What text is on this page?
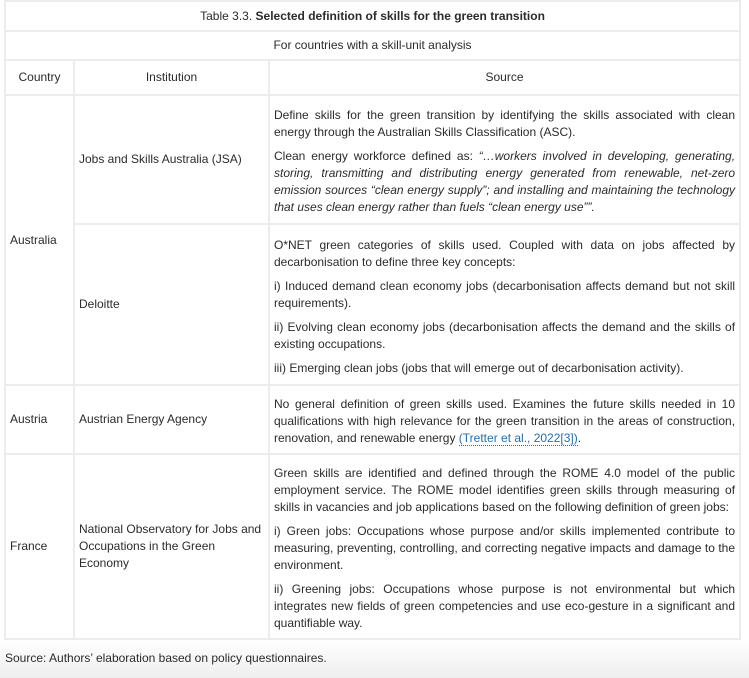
Table 3.3. Selected definition of skills for the green transition		
For countries with a skill-unit analysis		
Country	Institution	Source
Australia	Jobs and Skills Australia (JSA)	Define skills for the green transition by identifying the skills associated with clean energy through the Australian Skills Classification (ASC).

Clean energy workforce defined as: “…workers involved in developing, generating, storing, transmitting and distributing energy generated from renewable, net-zero emission sources “clean energy supply”; and installing and maintaining the technology that uses clean energy rather than fuels “clean energy use””.

	Deloitte	O*NET green categories of skills used. Coupled with data on jobs affected by decarbonisation to define three key concepts:

i) Induced demand clean economy jobs (decarbonisation affects demand but not skill requirements).

ii) Evolving clean economy jobs (decarbonisation affects the demand and the skills of existing occupations.

iii) Emerging clean jobs (jobs that will emerge out of decarbonisation activity).

Austria	Austrian Energy Agency	No general definition of green skills used. Examines the future skills needed in 10 qualifications with high relevance for the green transition in the areas of construction, renovation, and renewable energy (Tretter et al., 2022[3]).

France	National Observatory for Jobs and Occupations in the Green Economy	Green skills are identified and defined through the ROME 4.0 model of the public employment service. The ROME model identifies green skills through measuring of skills in vacancies and job applications based on the following definition of green jobs:

i) Green jobs: Occupations whose purpose and/or skills implemented contribute to measuring, preventing, controlling, and correcting negative impacts and damage to the environment.

ii) Greening jobs: Occupations whose purpose is not environmental but which integrates new fields of green competencies and use eco-gesture in a significant and quantifiable way.

Source: Authors’ elaboration based on policy questionnaires.
